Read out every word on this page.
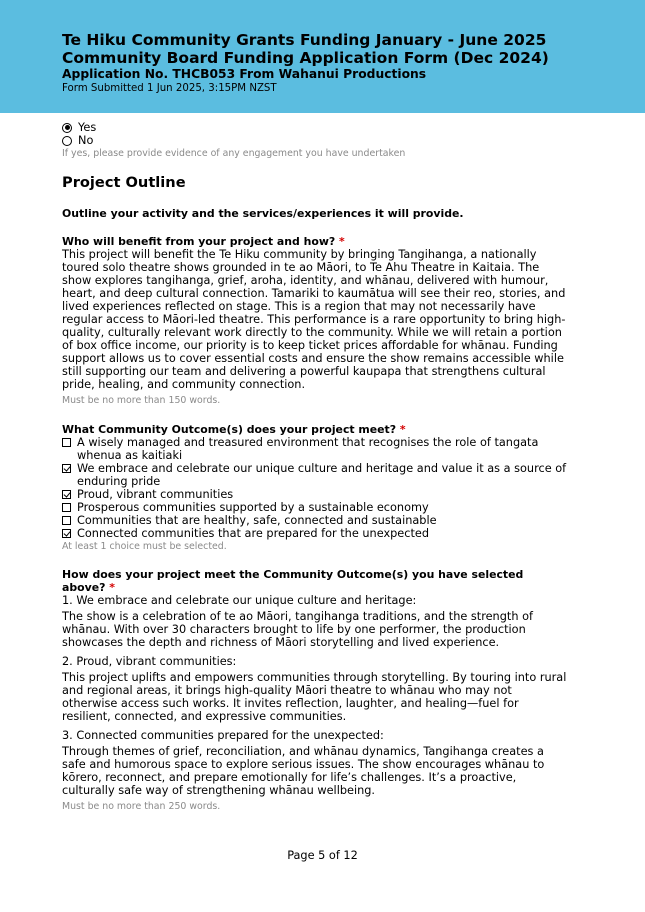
Te Hiku Community Grants Funding January - June 2025
Community Board Funding Application Form (Dec 2024)
Application No. THCB053 From Wahanui Productions
Form Submitted 1 Jun 2025, 3:15PM NZST
Yes
No
If yes, please provide evidence of any engagement you have undertaken
Project Outline
Outline your activity and the services/experiences it will provide.
Who will benefit from your project and how? *

This project will benefit the Te Hiku community by bringing Tangihanga, a nationally toured solo theatre shows grounded in te ao Māori, to Te Ahu Theatre in Kaitaia. The show explores tangihanga, grief, aroha, identity, and whānau, delivered with humour, heart, and deep cultural connection. Tamariki to kaumātua will see their reo, stories, and lived experiences reflected on stage. This is a region that may not necessarily have regular access to Māori-led theatre. This performance is a rare opportunity to bring high-quality, culturally relevant work directly to the community. While we will retain a portion of box office income, our priority is to keep ticket prices affordable for whānau. Funding support allows us to cover essential costs and ensure the show remains accessible while still supporting our team and delivering a powerful kaupapa that strengthens cultural pride, healing, and community connection.

Must be no more than 150 words.
What Community Outcome(s) does your project meet? *
A wisely managed and treasured environment that recognises the role of tangata whenua as kaitiaki
We embrace and celebrate our unique culture and heritage and value it as a source of enduring pride
Proud, vibrant communities
Prosperous communities supported by a sustainable economy
Communities that are healthy, safe, connected and sustainable
Connected communities that are prepared for the unexpected
At least 1 choice must be selected.
How does your project meet the Community Outcome(s) you have selected above? *
1. We embrace and celebrate our unique culture and heritage:

The show is a celebration of te ao Māori, tangihanga traditions, and the strength of whānau. With over 30 characters brought to life by one performer, the production showcases the depth and richness of Māori storytelling and lived experience.

2. Proud, vibrant communities:

This project uplifts and empowers communities through storytelling. By touring into rural and regional areas, it brings high-quality Māori theatre to whānau who may not otherwise access such works. It invites reflection, laughter, and healing—fuel for resilient, connected, and expressive communities.

3. Connected communities prepared for the unexpected:

Through themes of grief, reconciliation, and whānau dynamics, Tangihanga creates a safe and humorous space to explore serious issues. The show encourages whānau to kōrero, reconnect, and prepare emotionally for life’s challenges. It’s a proactive, culturally safe way of strengthening whānau wellbeing.

Must be no more than 250 words.
Page 5 of 12
